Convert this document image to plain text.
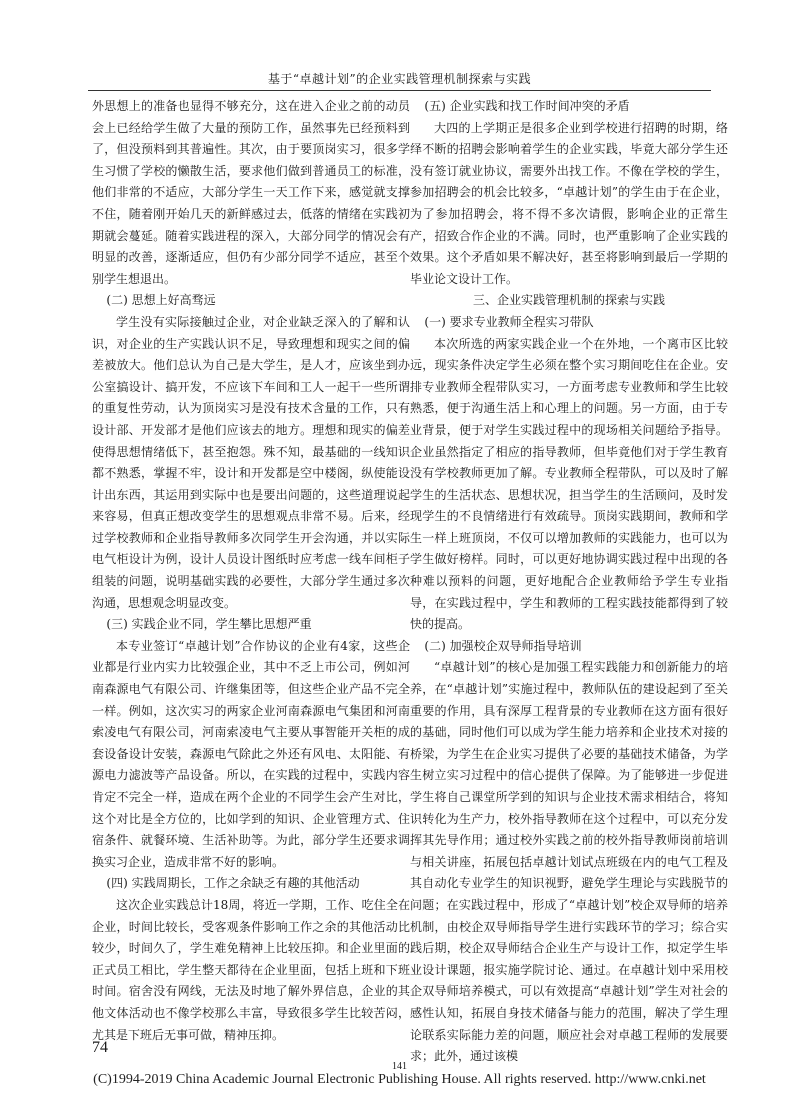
基于“卓越计划”的企业实践管理机制探索与实践

外思想上的准备也显得不够充分，这在进入企业之前的动员会上已经给学生做了大量的预防工作，虽然事先已经预料到了，但没预料到其普遍性。其次，由于要顶岗实习，很多学生习惯了学校的懒散生活，要求他们做到普通员工的标准，他们非常的不适应，大部分学生一天工作下来，感觉就支撑不住，随着刚开始几天的新鲜感过去，低落的情绪在实践初期就会蔓延。随着实践进程的深入，大部分同学的情况会有明显的改善，逐渐适应，但仍有少部分同学不适应，甚至个别学生想退出。

(二) 思想上好高骛远

学生没有实际接触过企业，对企业缺乏深入的了解和认识，对企业的生产实践认识不足，导致理想和现实之间的偏差被放大。他们总认为自己是大学生，是人才，应该坐到办公室搞设计、搞开发，不应该下车间和工人一起干一些所谓的重复性劳动，认为顶岗实习是没有技术含量的工作，只有设计部、开发部才是他们应该去的地方。理想和现实的偏差使得思想情绪低下，甚至抱怨。殊不知，最基础的一线知识都不熟悉，掌握不牢，设计和开发都是空中楼阁，纵使能设计出东西，其运用到实际中也是要出问题的，这些道理说起来容易，但真正想改变学生的思想观点非常不易。后来，经过学校教师和企业指导教师多次同学生开会沟通，并以实际电气柜设计为例，设计人员设计图纸时应考虑一线车间柜子组装的问题，说明基础实践的必要性，大部分学生通过多次沟通，思想观念明显改变。

(三) 实践企业不同，学生攀比思想严重

本专业签订“卓越计划”合作协议的企业有4家，这些企业都是行业内实力比较强企业，其中不乏上市公司，例如河南森源电气有限公司、许继集团等，但这些企业产品不完全一样。例如，这次实习的两家企业河南森源电气集团和河南索凌电气有限公司，河南索凌电气主要从事智能开关柜的成套设备设计安装，森源电气除此之外还有风电、太阳能、有源电力滤波等产品设备。所以，在实践的过程中，实践内容肯定不完全一样，造成在两个企业的不同学生会产生对比，这个对比是全方位的，比如学到的知识、企业管理方式、住宿条件、就餐环境、生活补助等。为此，部分学生还要求调换实习企业，造成非常不好的影响。

(四) 实践周期长，工作之余缺乏有趣的其他活动

这次企业实践总计18周，将近一学期，工作、吃住全在企业，时间比较长，受客观条件影响工作之余的其他活动比较少，时间久了，学生难免精神上比较压抑。和企业里面的正式员工相比，学生整天都待在企业里面，包括上班和下班时间。宿舍没有网线，无法及时地了解外界信息，企业的其他文体活动也不像学校那么丰富，导致很多学生比较苦闷，尤其是下班后无事可做，精神压抑。

(五) 企业实践和找工作时间冲突的矛盾

大四的上学期正是很多企业到学校进行招聘的时期，络绎不断的招聘会影响着学生的企业实践，毕竟大部分学生还没有签订就业协议，需要外出找工作。不像在学校的学生，参加招聘会的机会比较多，“卓越计划”的学生由于在企业，为了参加招聘会，将不得不多次请假，影响企业的正常生产，招致合作企业的不满。同时，也严重影响了企业实践的效果。这个矛盾如果不解决好，甚至将影响到最后一学期的毕业论文设计工作。

三、企业实践管理机制的探索与实践

(一) 要求专业教师全程实习带队

本次所选的两家实践企业一个在外地，一个离市区比较远，现实条件决定学生必须在整个实习期间吃住在企业。安排专业教师全程带队实习，一方面考虑专业教师和学生比较熟悉，便于沟通生活上和心理上的问题。另一方面，由于专业背景，便于对学生实践过程中的现场相关问题给予指导。企业虽然指定了相应的指导教师，但毕竟他们对于学生教育没有学校教师更加了解。专业教师全程带队，可以及时了解学生的生活状态、思想状况，担当学生的生活顾问，及时发现学生的不良情绪进行有效疏导。顶岗实践期间，教师和学生一样上班顶岗，不仅可以增加教师的实践能力，也可以为学生做好榜样。同时，可以更好地协调实践过程中出现的各种难以预料的问题，更好地配合企业教师给予学生专业指导，在实践过程中，学生和教师的工程实践技能都得到了较快的提高。

(二) 加强校企双导师指导培训

“卓越计划”的核心是加强工程实践能力和创新能力的培养，在“卓越计划”实施过程中，教师队伍的建设起到了至关重要的作用，具有深厚工程背景的专业教师在这方面有很好的基础，同时他们可以成为学生能力培养和企业技术对接的桥梁，为学生在企业实习提供了必要的基础技术储备，为学生树立实习过程中的信心提供了保障。为了能够进一步促进学生将自己课堂所学到的知识与企业技术需求相结合，将知识转化为生产力，校外指导教师在这个过程中，可以充分发挥其先导作用；通过校外实践之前的校外指导教师岗前培训与相关讲座，拓展包括卓越计划试点班级在内的电气工程及其自动化专业学生的知识视野，避免学生理论与实践脱节的问题；在实践过程中，形成了“卓越计划”校企双导师的培养机制，由校企双导师指导学生进行实践环节的学习；综合实践后期，校企双导师结合企业生产与设计工作，拟定学生毕业设计课题，报实施学院讨论、通过。在卓越计划中采用校企双导师培养模式，可以有效提高“卓越计划”学生对社会的感性认知，拓展自身技术储备与能力的范围，解决了学生理论联系实际能力差的问题，顺应社会对卓越工程师的发展要求；此外，通过该模

74
141
(C)1994-2019 China Academic Journal Electronic Publishing House. All rights reserved. http://www.cnki.net
